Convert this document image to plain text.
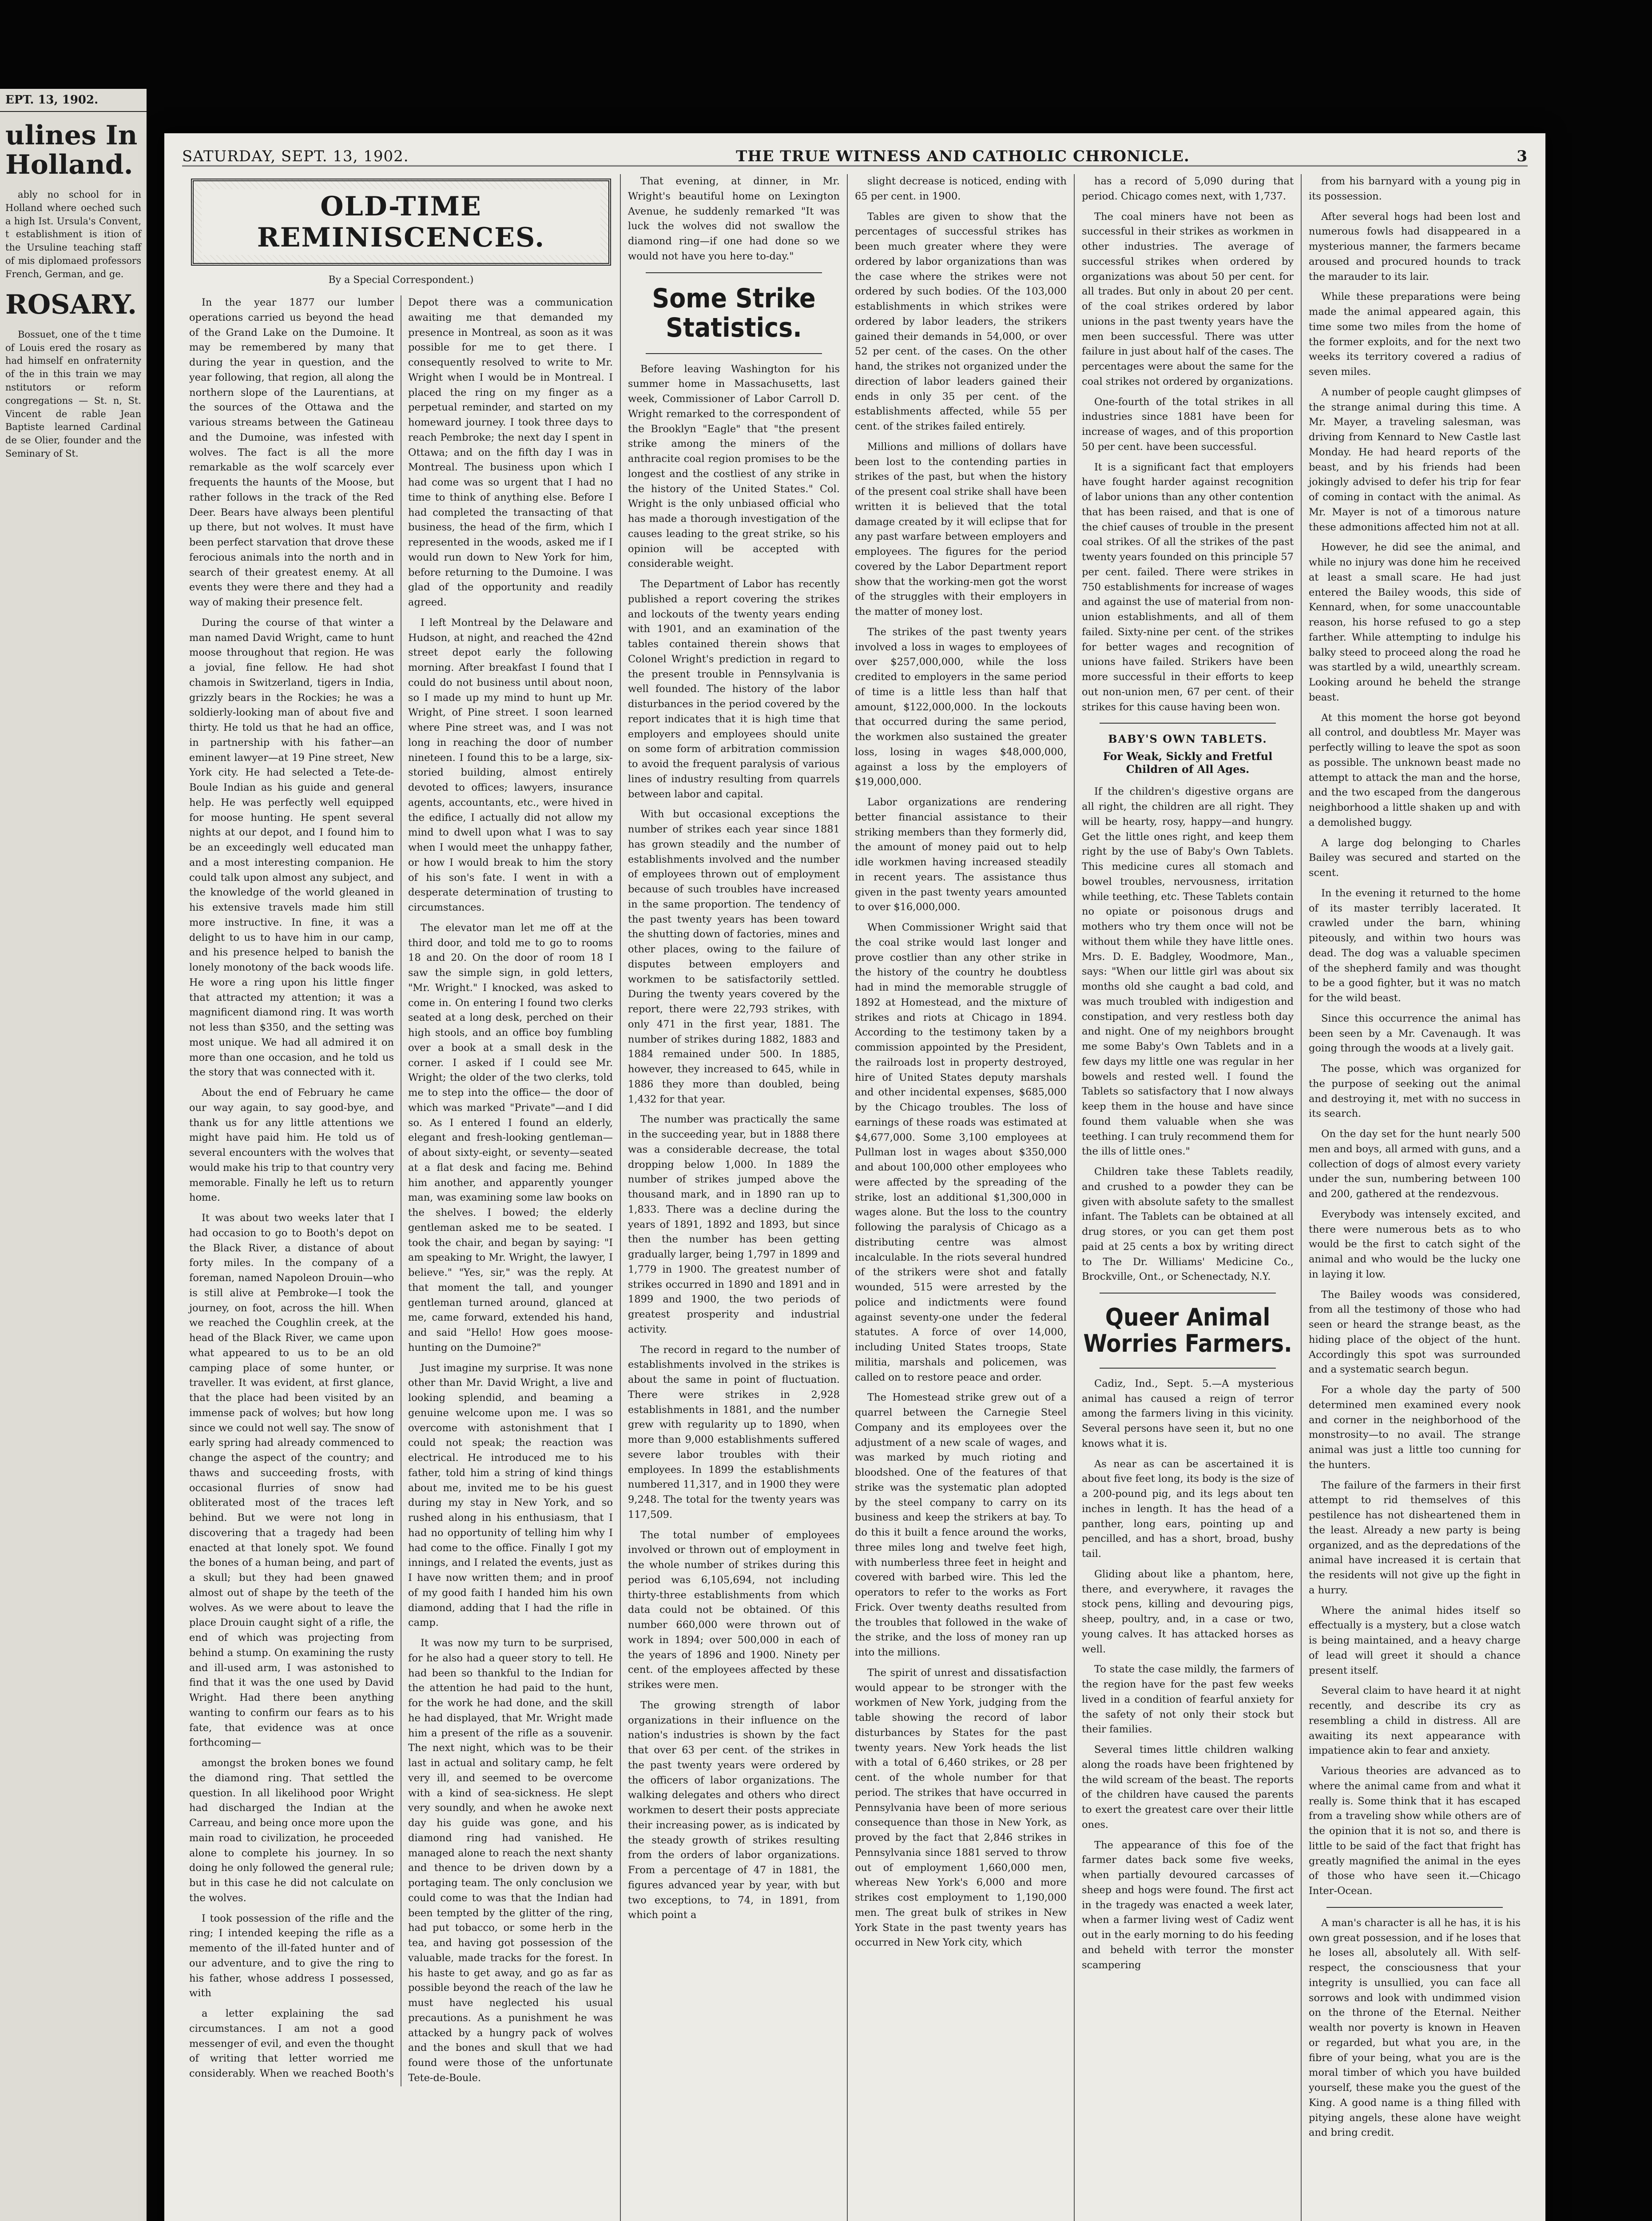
EPT. 13, 1902.
ulines In Holland.

ably no school for in Holland where oeched such a high Ist. Ursula's Convent, t establishment is ition of the Ursuline teaching staff of mis diplomaed professors French, German, and ge.

ROSARY.

Bossuet, one of the t time of Louis ered the rosary as had himself en onfraternity of the in this train we may nstitutors or reform congregations — St. n, St. Vincent de rable Jean Baptiste learned Cardinal de se Olier, founder and the Seminary of St.

SATURDAY, SEPT. 13, 1902.	THE TRUE WITNESS AND CATHOLIC CHRONICLE.	3
OLD-TIME REMINISCENCES.
By a Special Correspondent.)

In the year 1877 our lumber operations carried us beyond the head of the Grand Lake on the Dumoine. It may be remembered by many that during the year in question, and the year following, that region, all along the northern slope of the Laurentians, at the sources of the Ottawa and the various streams between the Gatineau and the Dumoine, was infested with wolves. The fact is all the more remarkable as the wolf scarcely ever frequents the haunts of the Moose, but rather follows in the track of the Red Deer. Bears have always been plentiful up there, but not wolves. It must have been perfect starvation that drove these ferocious animals into the north and in search of their greatest enemy. At all events they were there and they had a way of making their presence felt.

During the course of that winter a man named David Wright, came to hunt moose throughout that region. He was a jovial, fine fellow. He had shot chamois in Switzerland, tigers in India, grizzly bears in the Rockies; he was a soldierly-looking man of about five and thirty. He told us that he had an office, in partnership with his father—an eminent lawyer—at 19 Pine street, New York city. He had selected a Tete-de-Boule Indian as his guide and general help. He was perfectly well equipped for moose hunting. He spent several nights at our depot, and I found him to be an exceedingly well educated man and a most interesting companion. He could talk upon almost any subject, and the knowledge of the world gleaned in his extensive travels made him still more instructive. In fine, it was a delight to us to have him in our camp, and his presence helped to banish the lonely monotony of the back woods life. He wore a ring upon his little finger that attracted my attention; it was a magnificent diamond ring. It was worth not less than $350, and the setting was most unique. We had all admired it on more than one occasion, and he told us the story that was connected with it.

About the end of February he came our way again, to say good-bye, and thank us for any little attentions we might have paid him. He told us of several encounters with the wolves that would make his trip to that country very memorable. Finally he left us to return home.

It was about two weeks later that I had occasion to go to Booth's depot on the Black River, a distance of about forty miles. In the company of a foreman, named Napoleon Drouin—who is still alive at Pembroke—I took the journey, on foot, across the hill. When we reached the Coughlin creek, at the head of the Black River, we came upon what appeared to us to be an old camping place of some hunter, or traveller. It was evident, at first glance, that the place had been visited by an immense pack of wolves; but how long since we could not well say. The snow of early spring had already commenced to change the aspect of the country; and thaws and succeeding frosts, with occasional flurries of snow had obliterated most of the traces left behind. But we were not long in discovering that a tragedy had been enacted at that lonely spot. We found the bones of a human being, and part of a skull; but they had been gnawed almost out of shape by the teeth of the wolves. As we were about to leave the place Drouin caught sight of a rifle, the end of which was projecting from behind a stump. On examining the rusty and ill-used arm, I was astonished to find that it was the one used by David Wright. Had there been anything wanting to confirm our fears as to his fate, that evidence was at once forthcoming—

amongst the broken bones we found the diamond ring. That settled the question. In all likelihood poor Wright had discharged the Indian at the Carreau, and being once more upon the main road to civilization, he proceeded alone to complete his journey. In so doing he only followed the general rule; but in this case he did not calculate on the wolves.

I took possession of the rifle and the ring; I intended keeping the rifle as a memento of the ill-fated hunter and of our adventure, and to give the ring to his father, whose address I possessed, with

a letter explaining the sad circumstances. I am not a good messenger of evil, and even the thought of writing that letter worried me considerably. When we reached Booth's Depot there was a communication awaiting me that demanded my presence in Montreal, as soon as it was possible for me to get there. I consequently resolved to write to Mr. Wright when I would be in Montreal. I placed the ring on my finger as a perpetual reminder, and started on my homeward journey. I took three days to reach Pembroke; the next day I spent in Ottawa; and on the fifth day I was in Montreal. The business upon which I had come was so urgent that I had no time to think of anything else. Before I had completed the transacting of that business, the head of the firm, which I represented in the woods, asked me if I would run down to New York for him, before returning to the Dumoine. I was glad of the opportunity and readily agreed.

I left Montreal by the Delaware and Hudson, at night, and reached the 42nd street depot early the following morning. After breakfast I found that I could do not business until about noon, so I made up my mind to hunt up Mr. Wright, of Pine street. I soon learned where Pine street was, and I was not long in reaching the door of number nineteen. I found this to be a large, six-storied building, almost entirely devoted to offices; lawyers, insurance agents, accountants, etc., were hived in the edifice, I actually did not allow my mind to dwell upon what I was to say when I would meet the unhappy father, or how I would break to him the story of his son's fate. I went in with a desperate determination of trusting to circumstances.

The elevator man let me off at the third door, and told me to go to rooms 18 and 20. On the door of room 18 I saw the simple sign, in gold letters, "Mr. Wright." I knocked, was asked to come in. On entering I found two clerks seated at a long desk, perched on their high stools, and an office boy fumbling over a book at a small desk in the corner. I asked if I could see Mr. Wright; the older of the two clerks, told me to step into the office— the door of which was marked "Private"—and I did so. As I entered I found an elderly, elegant and fresh-looking gentleman—of about sixty-eight, or seventy—seated at a flat desk and facing me. Behind him another, and apparently younger man, was examining some law books on the shelves. I bowed; the elderly gentleman asked me to be seated. I took the chair, and began by saying: "I am speaking to Mr. Wright, the lawyer, I believe." "Yes, sir," was the reply. At that moment the tall, and younger gentleman turned around, glanced at me, came forward, extended his hand, and said "Hello! How goes moose-hunting on the Dumoine?"

Just imagine my surprise. It was none other than Mr. David Wright, a live and looking splendid, and beaming a genuine welcome upon me. I was so overcome with astonishment that I could not speak; the reaction was electrical. He introduced me to his father, told him a string of kind things about me, invited me to be his guest during my stay in New York, and so rushed along in his enthusiasm, that I had no opportunity of telling him why I had come to the office. Finally I got my innings, and I related the events, just as I have now written them; and in proof of my good faith I handed him his own diamond, adding that I had the rifle in camp.

It was now my turn to be surprised, for he also had a queer story to tell. He had been so thankful to the Indian for the attention he had paid to the hunt, for the work he had done, and the skill he had displayed, that Mr. Wright made him a present of the rifle as a souvenir. The next night, which was to be their last in actual and solitary camp, he felt very ill, and seemed to be overcome with a kind of sea-sickness. He slept very soundly, and when he awoke next day his guide was gone, and his diamond ring had vanished. He managed alone to reach the next shanty and thence to be driven down by a portaging team. The only conclusion we could come to was that the Indian had been tempted by the glitter of the ring, had put tobacco, or some herb in the tea, and having got possession of the valuable, made tracks for the forest. In his haste to get away, and go as far as possible beyond the reach of the law he must have neglected his usual precautions. As a punishment he was attacked by a hungry pack of wolves and the bones and skull that we had found were those of the unfortunate Tete-de-Boule.

That evening, at dinner, in Mr. Wright's beautiful home on Lexington Avenue, he suddenly remarked "It was luck the wolves did not swallow the diamond ring—if one had done so we would not have you here to-day."

Some Strike Statistics.

Before leaving Washington for his summer home in Massachusetts, last week, Commissioner of Labor Carroll D. Wright remarked to the correspondent of the Brooklyn "Eagle" that "the present strike among the miners of the anthracite coal region promises to be the longest and the costliest of any strike in the history of the United States." Col. Wright is the only unbiased official who has made a thorough investigation of the causes leading to the great strike, so his opinion will be accepted with considerable weight.

The Department of Labor has recently published a report covering the strikes and lockouts of the twenty years ending with 1901, and an examination of the tables contained therein shows that Colonel Wright's prediction in regard to the present trouble in Pennsylvania is well founded. The history of the labor disturbances in the period covered by the report indicates that it is high time that employers and employees should unite on some form of arbitration commission to avoid the frequent paralysis of various lines of industry resulting from quarrels between labor and capital.

With but occasional exceptions the number of strikes each year since 1881 has grown steadily and the number of establishments involved and the number of employees thrown out of employment because of such troubles have increased in the same proportion. The tendency of the past twenty years has been toward the shutting down of factories, mines and other places, owing to the failure of disputes between employers and workmen to be satisfactorily settled. During the twenty years covered by the report, there were 22,793 strikes, with only 471 in the first year, 1881. The number of strikes during 1882, 1883 and 1884 remained under 500. In 1885, however, they increased to 645, while in 1886 they more than doubled, being 1,432 for that year.

The number was practically the same in the succeeding year, but in 1888 there was a considerable decrease, the total dropping below 1,000. In 1889 the number of strikes jumped above the thousand mark, and in 1890 ran up to 1,833. There was a decline during the years of 1891, 1892 and 1893, but since then the number has been getting gradually larger, being 1,797 in 1899 and 1,779 in 1900. The greatest number of strikes occurred in 1890 and 1891 and in 1899 and 1900, the two periods of greatest prosperity and industrial activity.

The record in regard to the number of establishments involved in the strikes is about the same in point of fluctuation. There were strikes in 2,928 establishments in 1881, and the number grew with regularity up to 1890, when more than 9,000 establishments suffered severe labor troubles with their employees. In 1899 the establishments numbered 11,317, and in 1900 they were 9,248. The total for the twenty years was 117,509.

The total number of employees involved or thrown out of employment in the whole number of strikes during this period was 6,105,694, not including thirty-three establishments from which data could not be obtained. Of this number 660,000 were thrown out of work in 1894; over 500,000 in each of the years of 1896 and 1900. Ninety per cent. of the employees affected by these strikes were men.

The growing strength of labor organizations in their influence on the nation's industries is shown by the fact that over 63 per cent. of the strikes in the past twenty years were ordered by the officers of labor organizations. The walking delegates and others who direct workmen to desert their posts appreciate their increasing power, as is indicated by the steady growth of strikes resulting from the orders of labor organizations. From a percentage of 47 in 1881, the figures advanced year by year, with but two exceptions, to 74, in 1891, from which point a

slight decrease is noticed, ending with 65 per cent. in 1900.

Tables are given to show that the percentages of successful strikes has been much greater where they were ordered by labor organizations than was the case where the strikes were not ordered by such bodies. Of the 103,000 establishments in which strikes were ordered by labor leaders, the strikers gained their demands in 54,000, or over 52 per cent. of the cases. On the other hand, the strikes not organized under the direction of labor leaders gained their ends in only 35 per cent. of the establishments affected, while 55 per cent. of the strikes failed entirely.

Millions and millions of dollars have been lost to the contending parties in strikes of the past, but when the history of the present coal strike shall have been written it is believed that the total damage created by it will eclipse that for any past warfare between employers and employees. The figures for the period covered by the Labor Department report show that the working-men got the worst of the struggles with their employers in the matter of money lost.

The strikes of the past twenty years involved a loss in wages to employees of over $257,000,000, while the loss credited to employers in the same period of time is a little less than half that amount, $122,000,000. In the lockouts that occurred during the same period, the workmen also sustained the greater loss, losing in wages $48,000,000, against a loss by the employers of $19,000,000.

Labor organizations are rendering better financial assistance to their striking members than they formerly did, the amount of money paid out to help idle workmen having increased steadily in recent years. The assistance thus given in the past twenty years amounted to over $16,000,000.

When Commissioner Wright said that the coal strike would last longer and prove costlier than any other strike in the history of the country he doubtless had in mind the memorable struggle of 1892 at Homestead, and the mixture of strikes and riots at Chicago in 1894. According to the testimony taken by a commission appointed by the President, the railroads lost in property destroyed, hire of United States deputy marshals and other incidental expenses, $685,000 by the Chicago troubles. The loss of earnings of these roads was estimated at $4,677,000. Some 3,100 employees at Pullman lost in wages about $350,000 and about 100,000 other employees who were affected by the spreading of the strike, lost an additional $1,300,000 in wages alone. But the loss to the country following the paralysis of Chicago as a distributing centre was almost incalculable. In the riots several hundred of the strikers were shot and fatally wounded, 515 were arrested by the police and indictments were found against seventy-one under the federal statutes. A force of over 14,000, including United States troops, State militia, marshals and policemen, was called on to restore peace and order.

The Homestead strike grew out of a quarrel between the Carnegie Steel Company and its employees over the adjustment of a new scale of wages, and was marked by much rioting and bloodshed. One of the features of that strike was the systematic plan adopted by the steel company to carry on its business and keep the strikers at bay. To do this it built a fence around the works, three miles long and twelve feet high, with numberless three feet in height and covered with barbed wire. This led the operators to refer to the works as Fort Frick. Over twenty deaths resulted from the troubles that followed in the wake of the strike, and the loss of money ran up into the millions.

The spirit of unrest and dissatisfaction would appear to be stronger with the workmen of New York, judging from the table showing the record of labor disturbances by States for the past twenty years. New York heads the list with a total of 6,460 strikes, or 28 per cent. of the whole number for that period. The strikes that have occurred in Pennsylvania have been of more serious consequence than those in New York, as proved by the fact that 2,846 strikes in Pennsylvania since 1881 served to throw out of employment 1,660,000 men, whereas New York's 6,000 and more strikes cost employment to 1,190,000 men. The great bulk of strikes in New York State in the past twenty years has occurred in New York city, which

has a record of 5,090 during that period. Chicago comes next, with 1,737.

The coal miners have not been as successful in their strikes as workmen in other industries. The average of successful strikes when ordered by organizations was about 50 per cent. for all trades. But only in about 20 per cent. of the coal strikes ordered by labor unions in the past twenty years have the men been successful. There was utter failure in just about half of the cases. The percentages were about the same for the coal strikes not ordered by organizations.

One-fourth of the total strikes in all industries since 1881 have been for increase of wages, and of this proportion 50 per cent. have been successful.

It is a significant fact that employers have fought harder against recognition of labor unions than any other contention that has been raised, and that is one of the chief causes of trouble in the present coal strikes. Of all the strikes of the past twenty years founded on this principle 57 per cent. failed. There were strikes in 750 establishments for increase of wages and against the use of material from non-union establishments, and all of them failed. Sixty-nine per cent. of the strikes for better wages and recognition of unions have failed. Strikers have been more successful in their efforts to keep out non-union men, 67 per cent. of their strikes for this cause having been won.

BABY'S OWN TABLETS.
For Weak, Sickly and Fretful Children of All Ages.

If the children's digestive organs are all right, the children are all right. They will be hearty, rosy, happy—and hungry. Get the little ones right, and keep them right by the use of Baby's Own Tablets. This medicine cures all stomach and bowel troubles, nervousness, irritation while teething, etc. These Tablets contain no opiate or poisonous drugs and mothers who try them once will not be without them while they have little ones. Mrs. D. E. Badgley, Woodmore, Man., says: "When our little girl was about six months old she caught a bad cold, and was much troubled with indigestion and constipation, and very restless both day and night. One of my neighbors brought me some Baby's Own Tablets and in a few days my little one was regular in her bowels and rested well. I found the Tablets so satisfactory that I now always keep them in the house and have since found them valuable when she was teething. I can truly recommend them for the ills of little ones."

Children take these Tablets readily, and crushed to a powder they can be given with absolute safety to the smallest infant. The Tablets can be obtained at all drug stores, or you can get them post paid at 25 cents a box by writing direct to The Dr. Williams' Medicine Co., Brockville, Ont., or Schenectady, N.Y.

Queer Animal Worries Farmers.

Cadiz, Ind., Sept. 5.—A mysterious animal has caused a reign of terror among the farmers living in this vicinity. Several persons have seen it, but no one knows what it is.

As near as can be ascertained it is about five feet long, its body is the size of a 200-pound pig, and its legs about ten inches in length. It has the head of a panther, long ears, pointing up and pencilled, and has a short, broad, bushy tail.

Gliding about like a phantom, here, there, and everywhere, it ravages the stock pens, killing and devouring pigs, sheep, poultry, and, in a case or two, young calves. It has attacked horses as well.

To state the case mildly, the farmers of the region have for the past few weeks lived in a condition of fearful anxiety for the safety of not only their stock but their families.

Several times little children walking along the roads have been frightened by the wild scream of the beast. The reports of the children have caused the parents to exert the greatest care over their little ones.

The appearance of this foe of the farmer dates back some five weeks, when partially devoured carcasses of sheep and hogs were found. The first act in the tragedy was enacted a week later, when a farmer living west of Cadiz went out in the early morning to do his feeding and beheld with terror the monster scampering

from his barnyard with a young pig in its possession.

After several hogs had been lost and numerous fowls had disappeared in a mysterious manner, the farmers became aroused and procured hounds to track the marauder to its lair.

While these preparations were being made the animal appeared again, this time some two miles from the home of the former exploits, and for the next two weeks its territory covered a radius of seven miles.

A number of people caught glimpses of the strange animal during this time. A Mr. Mayer, a traveling salesman, was driving from Kennard to New Castle last Monday. He had heard reports of the beast, and by his friends had been jokingly advised to defer his trip for fear of coming in contact with the animal. As Mr. Mayer is not of a timorous nature these admonitions affected him not at all.

However, he did see the animal, and while no injury was done him he received at least a small scare. He had just entered the Bailey woods, this side of Kennard, when, for some unaccountable reason, his horse refused to go a step farther. While attempting to indulge his balky steed to proceed along the road he was startled by a wild, unearthly scream. Looking around he beheld the strange beast.

At this moment the horse got beyond all control, and doubtless Mr. Mayer was perfectly willing to leave the spot as soon as possible. The unknown beast made no attempt to attack the man and the horse, and the two escaped from the dangerous neighborhood a little shaken up and with a demolished buggy.

A large dog belonging to Charles Bailey was secured and started on the scent.

In the evening it returned to the home of its master terribly lacerated. It crawled under the barn, whining piteously, and within two hours was dead. The dog was a valuable specimen of the shepherd family and was thought to be a good fighter, but it was no match for the wild beast.

Since this occurrence the animal has been seen by a Mr. Cavenaugh. It was going through the woods at a lively gait.

The posse, which was organized for the purpose of seeking out the animal and destroying it, met with no success in its search.

On the day set for the hunt nearly 500 men and boys, all armed with guns, and a collection of dogs of almost every variety under the sun, numbering between 100 and 200, gathered at the rendezvous.

Everybody was intensely excited, and there were numerous bets as to who would be the first to catch sight of the animal and who would be the lucky one in laying it low.

The Bailey woods was considered, from all the testimony of those who had seen or heard the strange beast, as the hiding place of the object of the hunt. Accordingly this spot was surrounded and a systematic search begun.

For a whole day the party of 500 determined men examined every nook and corner in the neighborhood of the monstrosity—to no avail. The strange animal was just a little too cunning for the hunters.

The failure of the farmers in their first attempt to rid themselves of this pestilence has not disheartened them in the least. Already a new party is being organized, and as the depredations of the animal have increased it is certain that the residents will not give up the fight in a hurry.

Where the animal hides itself so effectually is a mystery, but a close watch is being maintained, and a heavy charge of lead will greet it should a chance present itself.

Several claim to have heard it at night recently, and describe its cry as resembling a child in distress. All are awaiting its next appearance with impatience akin to fear and anxiety.

Various theories are advanced as to where the animal came from and what it really is. Some think that it has escaped from a traveling show while others are of the opinion that it is not so, and there is little to be said of the fact that fright has greatly magnified the animal in the eyes of those who have seen it.—Chicago Inter-Ocean.

A man's character is all he has, it is his own great possession, and if he loses that he loses all, absolutely all. With self-respect, the consciousness that your integrity is unsullied, you can face all sorrows and look with undimmed vision on the throne of the Eternal. Neither wealth nor poverty is known in Heaven or regarded, but what you are, in the fibre of your being, what you are is the moral timber of which you have builded yourself, these make you the guest of the King. A good name is a thing filled with pitying angels, these alone have weight and bring credit.
